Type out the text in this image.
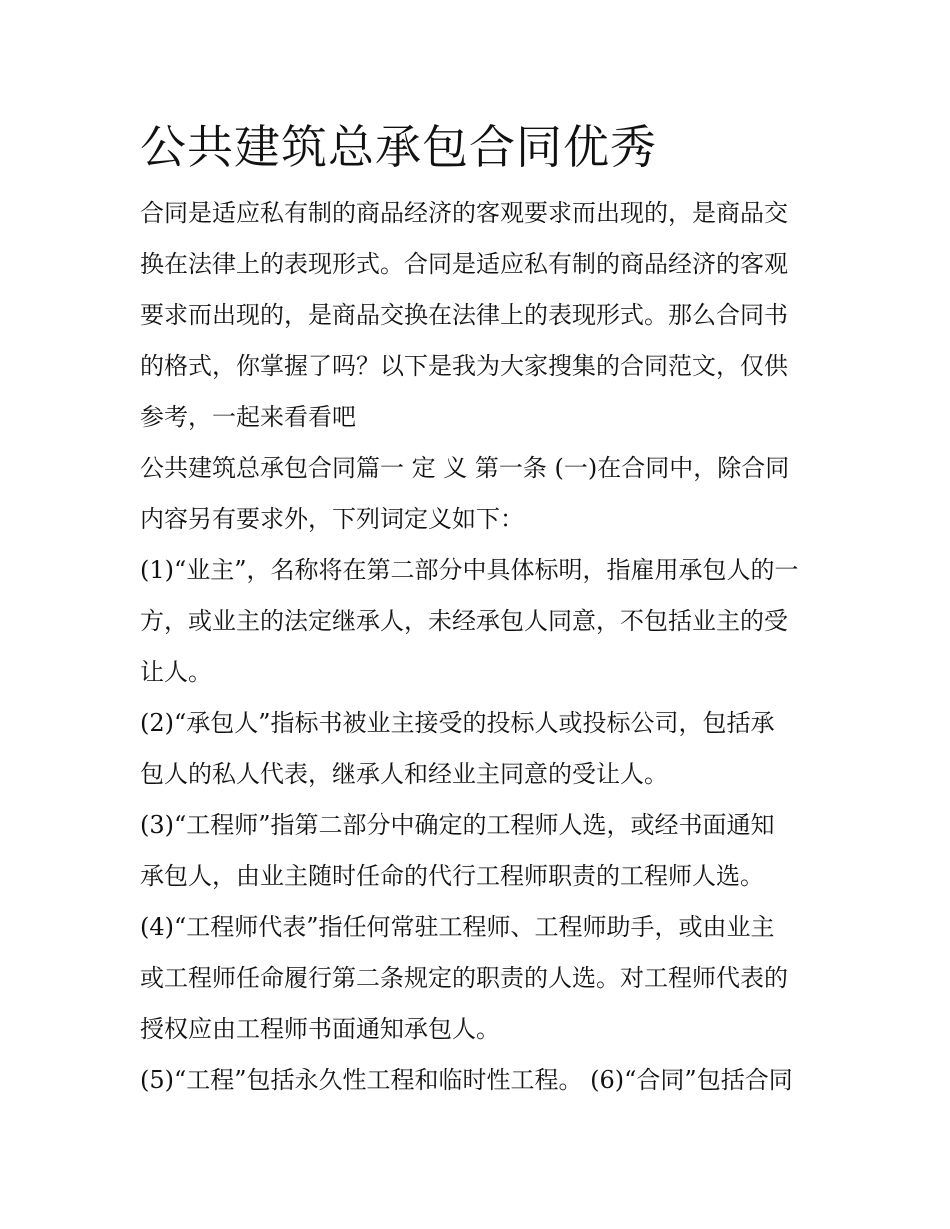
公共建筑总承包合同优秀

合同是适应私有制的商品经济的客观要求而出现的，是商品交
换在法律上的表现形式。合同是适应私有制的商品经济的客观
要求而出现的，是商品交换在法律上的表现形式。那么合同书
的格式，你掌握了吗？以下是我为大家搜集的合同范文，仅供
参考，一起来看看吧

公共建筑总承包合同篇一 定 义 第一条 (一)在合同中，除合同
内容另有要求外，下列词定义如下：

(1)“业主”，名称将在第二部分中具体标明，指雇用承包人的一
方，或业主的法定继承人，未经承包人同意，不包括业主的受
让人。

(2)“承包人”指标书被业主接受的投标人或投标公司，包括承
包人的私人代表，继承人和经业主同意的受让人。

(3)“工程师”指第二部分中确定的工程师人选，或经书面通知
承包人，由业主随时任命的代行工程师职责的工程师人选。

(4)“工程师代表”指任何常驻工程师、工程师助手，或由业主
或工程师任命履行第二条规定的职责的人选。对工程师代表的
授权应由工程师书面通知承包人。

(5)“工程”包括永久性工程和临时性工程。 (6)“合同”包括合同
